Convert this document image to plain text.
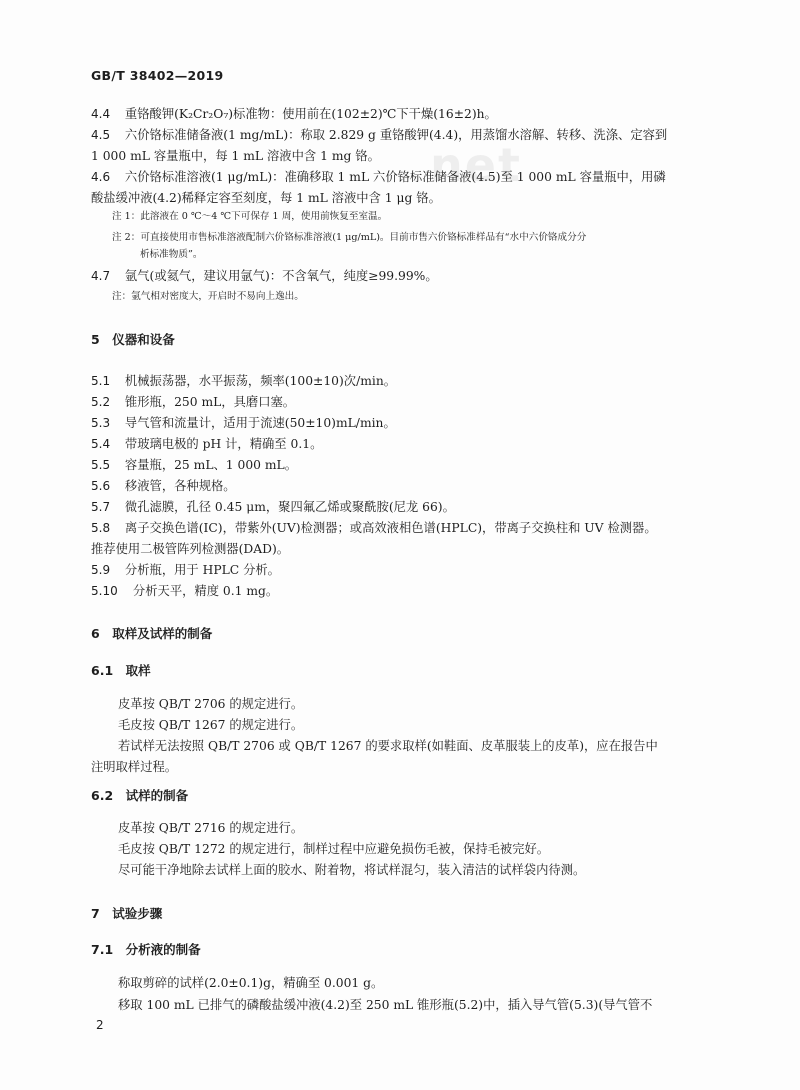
GB/T 38402—2019
net
4.4 重铬酸钾(K₂Cr₂O₇)标准物：使用前在(102±2)℃下干燥(16±2)h。
4.5 六价铬标准储备液(1 mg/mL)：称取 2.829 g 重铬酸钾(4.4)，用蒸馏水溶解、转移、洗涤、定容到
1 000 mL 容量瓶中，每 1 mL 溶液中含 1 mg 铬。
4.6 六价铬标准溶液(1 μg/mL)：准确移取 1 mL 六价铬标准储备液(4.5)至 1 000 mL 容量瓶中，用磷
酸盐缓冲液(4.2)稀释定容至刻度，每 1 mL 溶液中含 1 μg 铬。
注 1：此溶液在 0 ℃～4 ℃下可保存 1 周，使用前恢复至室温。
注 2：可直接使用市售标准溶液配制六价铬标准溶液(1 μg/mL)。目前市售六价铬标准样品有“水中六价铬成分分
析标准物质”。
4.7 氩气(或氦气，建议用氩气)：不含氧气，纯度≥99.99%。
注：氩气相对密度大，开启时不易向上逸出。
5　仪器和设备
5.1 机械振荡器，水平振荡，频率(100±10)次/min。
5.2 锥形瓶，250 mL，具磨口塞。
5.3 导气管和流量计，适用于流速(50±10)mL/min。
5.4 带玻璃电极的 pH 计，精确至 0.1。
5.5 容量瓶，25 mL、1 000 mL。
5.6 移液管，各种规格。
5.7 微孔滤膜，孔径 0.45 μm，聚四氟乙烯或聚酰胺(尼龙 66)。
5.8 离子交换色谱(IC)，带紫外(UV)检测器；或高效液相色谱(HPLC)，带离子交换柱和 UV 检测器。
推荐使用二极管阵列检测器(DAD)。
5.9 分析瓶，用于 HPLC 分析。
5.10 分析天平，精度 0.1 mg。
6　取样及试样的制备
6.1　取样
皮革按 QB/T 2706 的规定进行。
毛皮按 QB/T 1267 的规定进行。
若试样无法按照 QB/T 2706 或 QB/T 1267 的要求取样(如鞋面、皮革服装上的皮革)，应在报告中
注明取样过程。
6.2　试样的制备
皮革按 QB/T 2716 的规定进行。
毛皮按 QB/T 1272 的规定进行，制样过程中应避免损伤毛被，保持毛被完好。
尽可能干净地除去试样上面的胶水、附着物，将试样混匀，装入清洁的试样袋内待测。
7　试验步骤
7.1　分析液的制备
称取剪碎的试样(2.0±0.1)g，精确至 0.001 g。
移取 100 mL 已排气的磷酸盐缓冲液(4.2)至 250 mL 锥形瓶(5.2)中，插入导气管(5.3)(导气管不
2
